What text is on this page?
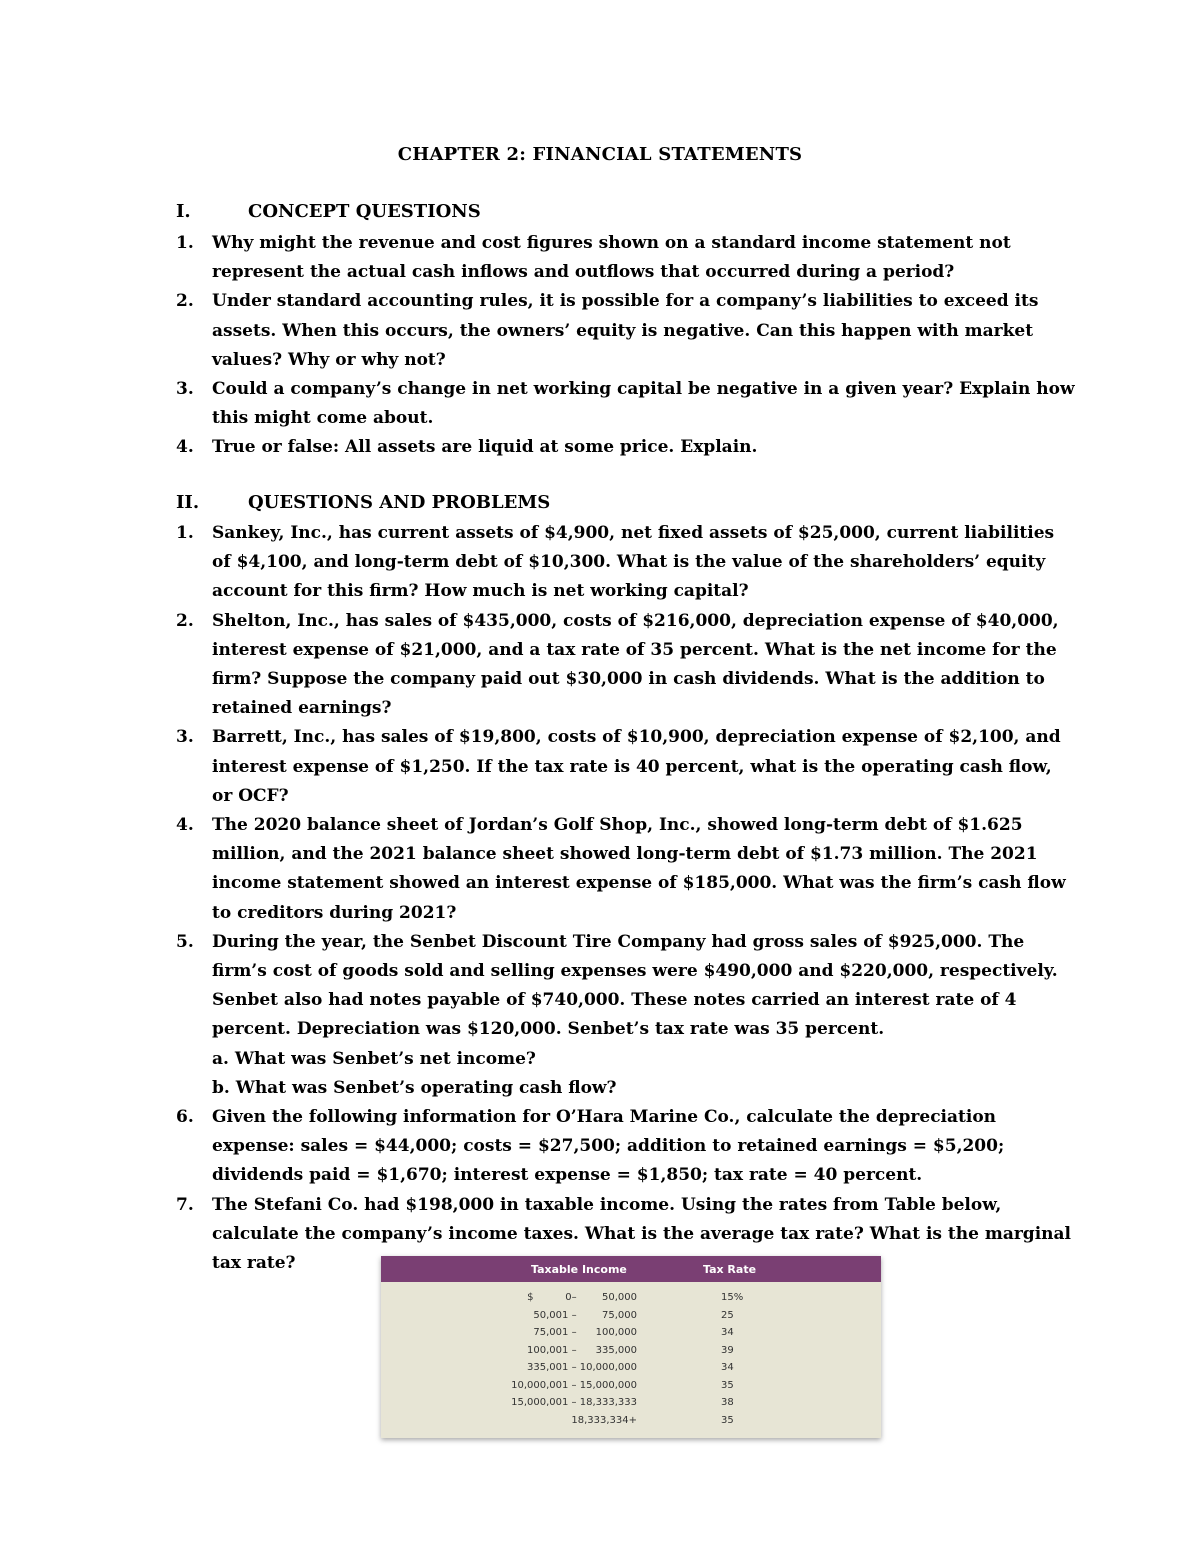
CHAPTER 2: FINANCIAL STATEMENTS
I.	CONCEPT QUESTIONS
1. Why might the revenue and cost figures shown on a standard income statement not represent the actual cash inflows and outflows that occurred during a period?
2. Under standard accounting rules, it is possible for a company’s liabilities to exceed its assets. When this occurs, the owners’ equity is negative. Can this happen with market values? Why or why not?
3. Could a company’s change in net working capital be negative in a given year? Explain how this might come about.
4. True or false: All assets are liquid at some price. Explain.
II.	QUESTIONS AND PROBLEMS
1. Sankey, Inc., has current assets of $4,900, net fixed assets of $25,000, current liabilities of $4,100, and long-term debt of $10,300. What is the value of the shareholders’ equity account for this firm? How much is net working capital?
2. Shelton, Inc., has sales of $435,000, costs of $216,000, depreciation expense of $40,000, interest expense of $21,000, and a tax rate of 35 percent. What is the net income for the firm? Suppose the company paid out $30,000 in cash dividends. What is the addition to retained earnings?
3. Barrett, Inc., has sales of $19,800, costs of $10,900, depreciation expense of $2,100, and interest expense of $1,250. If the tax rate is 40 percent, what is the operating cash flow, or OCF?
4. The 2020 balance sheet of Jordan’s Golf Shop, Inc., showed long-term debt of $1.625 million, and the 2021 balance sheet showed long-term debt of $1.73 million. The 2021 income statement showed an interest expense of $185,000. What was the firm’s cash flow to creditors during 2021?
5. During the year, the Senbet Discount Tire Company had gross sales of $925,000. The firm’s cost of goods sold and selling expenses were $490,000 and $220,000, respectively. Senbet also had notes payable of $740,000. These notes carried an interest rate of 4 percent. Depreciation was $120,000. Senbet’s tax rate was 35 percent.
a. What was Senbet’s net income?
b. What was Senbet’s operating cash flow?
6. Given the following information for O’Hara Marine Co., calculate the depreciation expense: sales = $44,000; costs = $27,500; addition to retained earnings = $5,200; dividends paid = $1,670; interest expense = $1,850; tax rate = 40 percent.
7. The Stefani Co. had $198,000 in taxable income. Using the rates from Table below, calculate the company’s income taxes. What is the average tax rate? What is the marginal tax rate?	Taxable Income	Tax Rate
$          0–        50,000	15%
50,001 –        75,000	25
75,001 –      100,000	34
100,001 –      335,000	39
335,001 – 10,000,000	34
10,000,001 – 15,000,000	35
15,000,001 – 18,333,333	38
18,333,334+	35
